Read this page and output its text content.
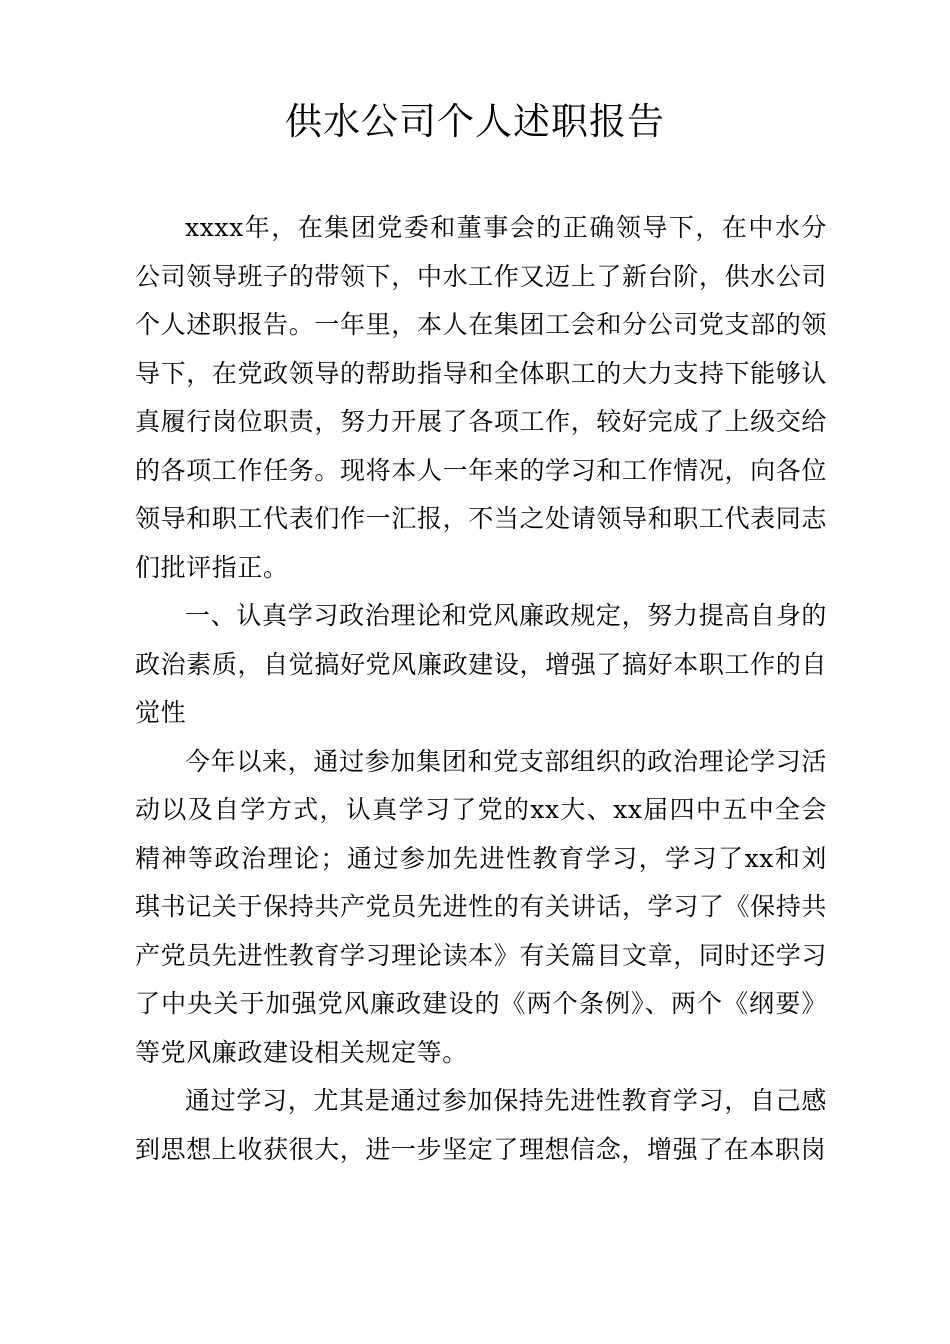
供水公司个人述职报告

xxxx年，在集团党委和董事会的正确领导下，在中水分公司领导班子的带领下，中水工作又迈上了新台阶，供水公司个人述职报告。一年里，本人在集团工会和分公司党支部的领导下，在党政领导的帮助指导和全体职工的大力支持下能够认真履行岗位职责，努力开展了各项工作，较好完成了上级交给的各项工作任务。现将本人一年来的学习和工作情况，向各位领导和职工代表们作一汇报，不当之处请领导和职工代表同志们批评指正。

一、认真学习政治理论和党风廉政规定，努力提高自身的政治素质，自觉搞好党风廉政建设，增强了搞好本职工作的自觉性

今年以来，通过参加集团和党支部组织的政治理论学习活动以及自学方式，认真学习了党的xx大、xx届四中五中全会精神等政治理论；通过参加先进性教育学习，学习了xx和刘琪书记关于保持共产党员先进性的有关讲话，学习了《保持共产党员先进性教育学习理论读本》有关篇目文章，同时还学习了中央关于加强党风廉政建设的《两个条例》、两个《纲要》等党风廉政建设相关规定等。

通过学习，尤其是通过参加保持先进性教育学习，自己感到思想上收获很大，进一步坚定了理想信念，增强了在本职岗
